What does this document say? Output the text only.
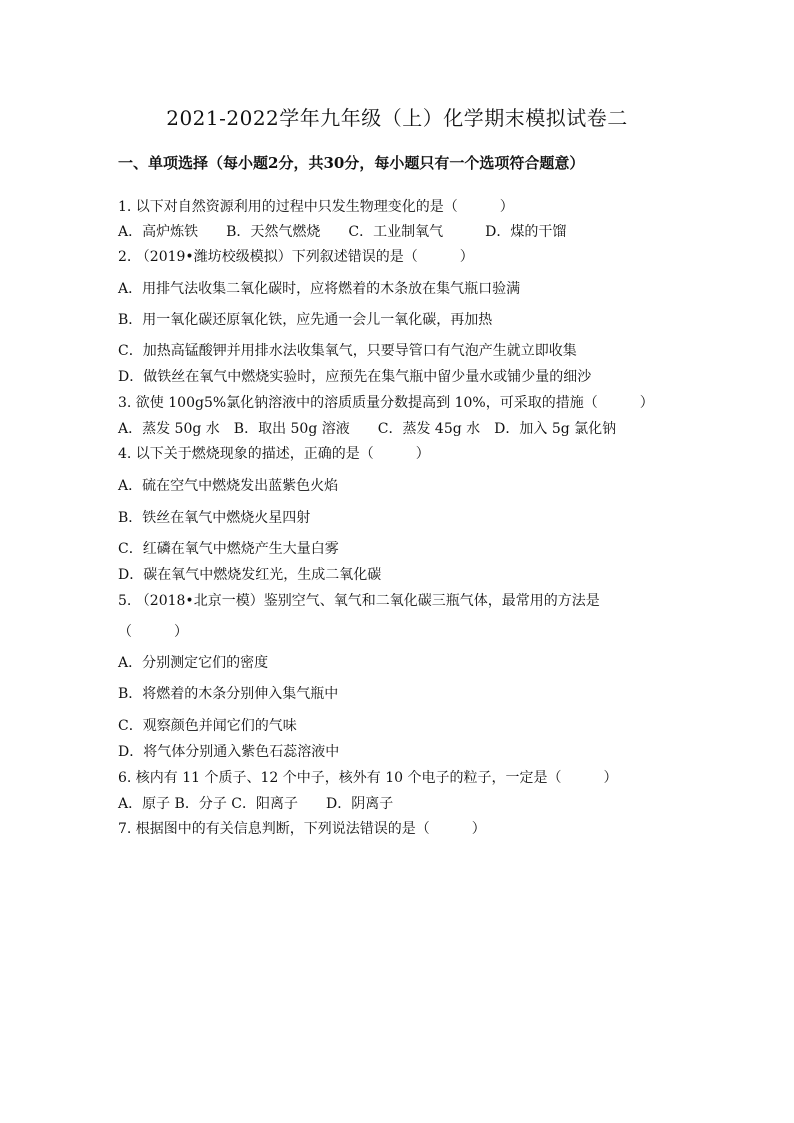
2021-2022学年九年级（上）化学期末模拟试卷二
一、单项选择（每小题2分，共30分，每小题只有一个选项符合题意）
1. 以下对自然资源利用的过程中只发生物理变化的是（　　　）
A．高炉炼铁　　B．天然气燃烧　　C．工业制氧气　　　D．煤的干馏
2. （2019•潍坊校级模拟）下列叙述错误的是（　　　）
A．用排气法收集二氧化碳时，应将燃着的木条放在集气瓶口验满
B．用一氧化碳还原氧化铁，应先通一会儿一氧化碳，再加热
C．加热高锰酸钾并用排水法收集氧气，只要导管口有气泡产生就立即收集
D．做铁丝在氧气中燃烧实验时，应预先在集气瓶中留少量水或铺少量的细沙
3. 欲使 100g5%氯化钠溶液中的溶质质量分数提高到 10%，可采取的措施（　　　）
A．蒸发 50g 水　B．取出 50g 溶液　　C．蒸发 45g 水　D．加入 5g 氯化钠
4. 以下关于燃烧现象的描述，正确的是（　　　）
A．硫在空气中燃烧发出蓝紫色火焰
B．铁丝在氧气中燃烧火星四射
C．红磷在氧气中燃烧产生大量白雾
D．碳在氧气中燃烧发红光，生成二氧化碳
5. （2018•北京一模）鉴别空气、氧气和二氧化碳三瓶气体，最常用的方法是
（　　　）
A．分别测定它们的密度
B．将燃着的木条分别伸入集气瓶中
C．观察颜色并闻它们的气味
D．将气体分别通入紫色石蕊溶液中
6. 核内有 11 个质子、12 个中子，核外有 10 个电子的粒子，一定是（　　　）
A．原子 B．分子 C．阳离子　　D．阴离子
7. 根据图中的有关信息判断，下列说法错误的是（　　　）
